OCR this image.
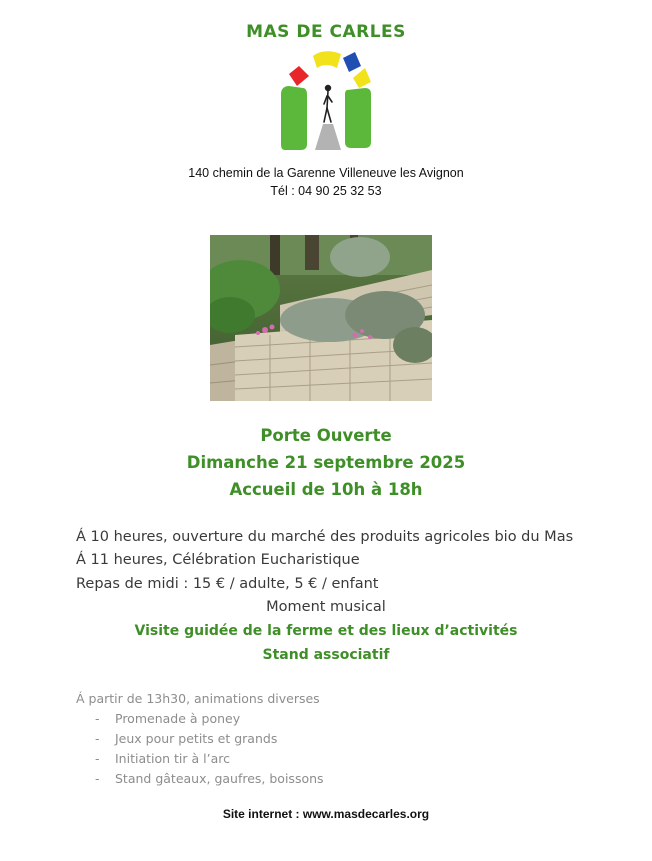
MAS DE CARLES
140 chemin de la Garenne Villeneuve les Avignon
Tél : 04 90 25 32 53
Porte Ouverte
Dimanche 21 septembre 2025
Accueil de 10h à 18h
Á 10 heures, ouverture du marché des produits agricoles bio du Mas
Á 11 heures, Célébration Eucharistique
Repas de midi : 15 € / adulte, 5 € / enfant
Moment musical
Visite guidée de la ferme et des lieux d’activités
Stand associatif
Á partir de 13h30, animations diverses
- Promenade à poney
- Jeux pour petits et grands
- Initiation tir à l’arc
- Stand gâteaux, gaufres, boissons
Site internet : www.masdecarles.org
